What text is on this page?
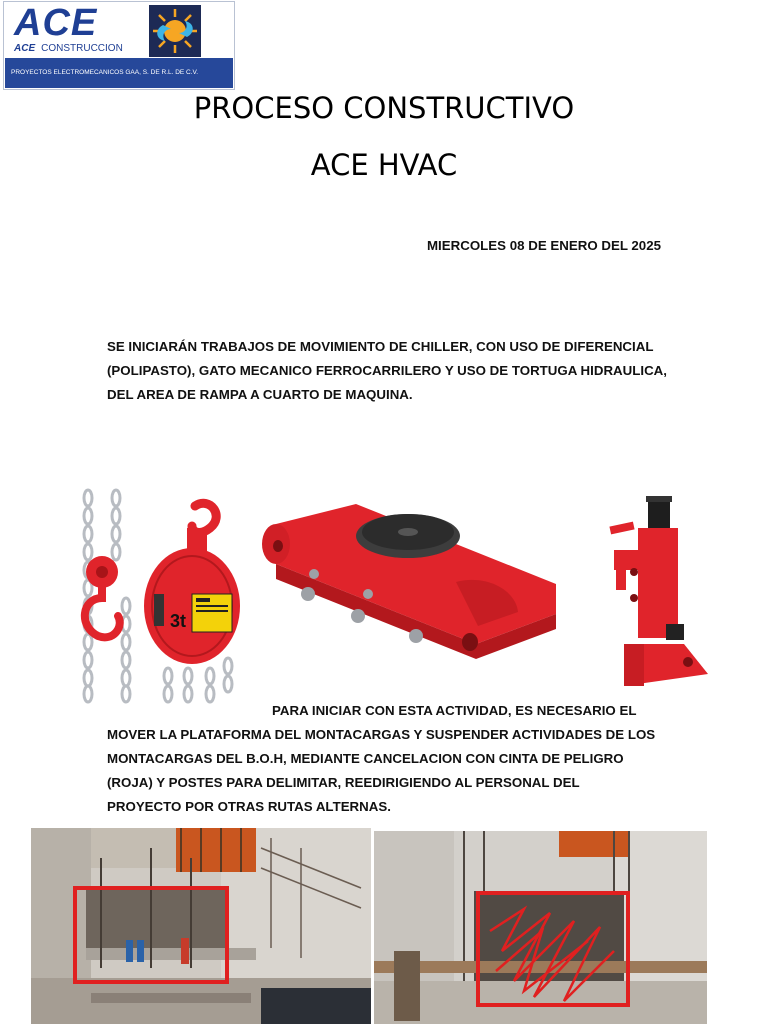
ACE
ACE CONSTRUCCION
PROYECTOS ELECTROMECANICOS GAA, S. DE R.L. DE C.V.
PROCESO CONSTRUCTIVO
ACE HVAC
MIERCOLES 08 DE ENERO DEL 2025
SE INICIARÁN TRABAJOS DE MOVIMIENTO DE CHILLER, CON USO DE DIFERENCIAL (POLIPASTO), GATO MECANICO FERROCARRILERO Y USO DE TORTUGA HIDRAULICA, DEL AREA DE RAMPA A CUARTO DE MAQUINA.
3t
PARA INICIAR CON ESTA ACTIVIDAD, ES NECESARIO EL MOVER LA PLATAFORMA DEL MONTACARGAS Y SUSPENDER ACTIVIDADES DE LOS MONTACARGAS DEL B.O.H, MEDIANTE CANCELACION CON CINTA DE PELIGRO (ROJA) Y POSTES PARA DELIMITAR, REEDIRIGIENDO AL PERSONAL DEL PROYECTO POR OTRAS RUTAS ALTERNAS.
